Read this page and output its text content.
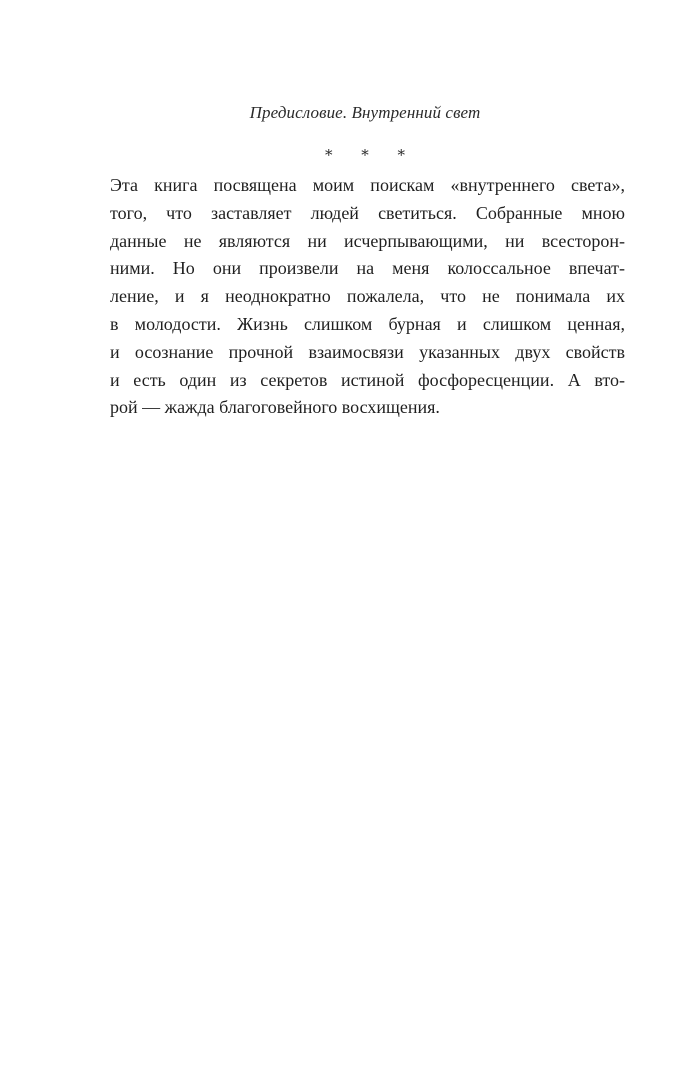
Предисловие. Внутренний свет
* * *
Эта книга посвящена моим поискам «внутреннего света»,
того, что заставляет людей светиться. Собранные мною
данные не являются ни исчерпывающими, ни всесторон-
ними. Но они произвели на меня колоссальное впечат-
ление, и я неоднократно пожалела, что не понимала их
в молодости. Жизнь слишком бурная и слишком ценная,
и осознание прочной взаимосвязи указанных двух свойств
и есть один из секретов истиной фосфоресценции. А вто-
рой — жажда благоговейного восхищения.
